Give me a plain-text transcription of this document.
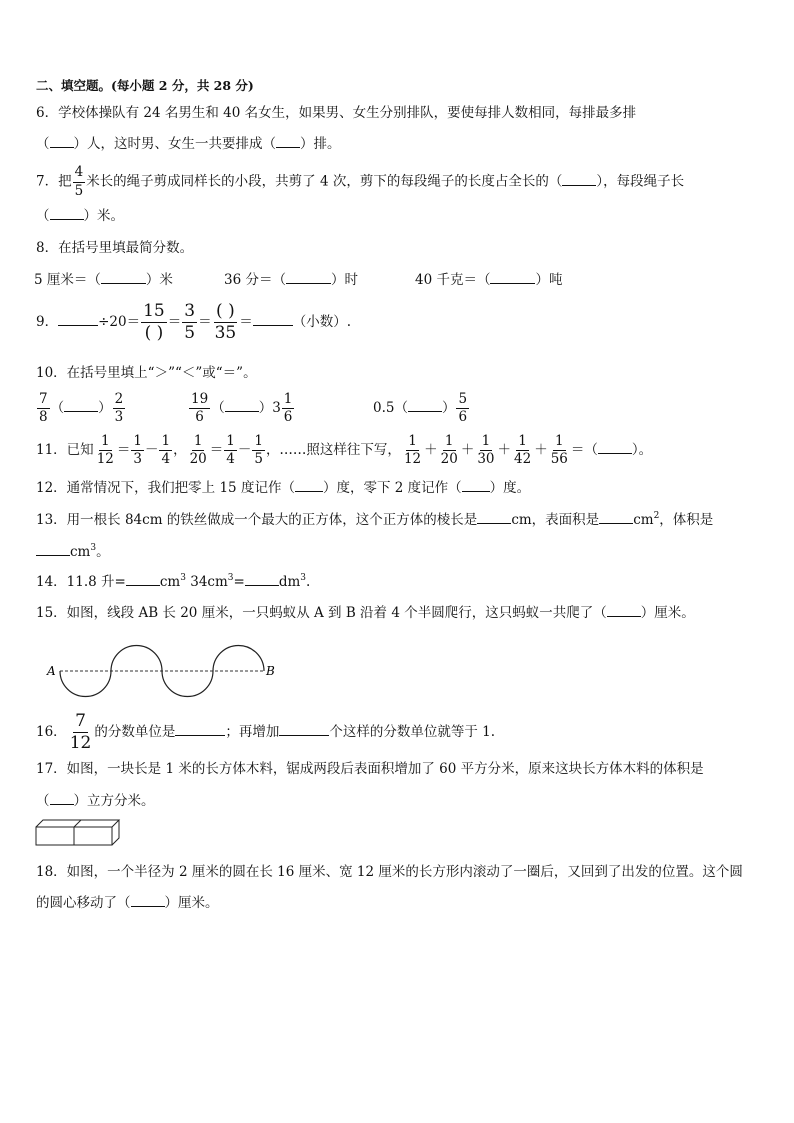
二、填空题。(每小题 2 分，共 28 分)
6．学校体操队有 24 名男生和 40 名女生，如果男、女生分别排队，要使每排人数相同，每排最多排
（ ）人，这时男、女生一共要排成（ ）排。
7．把 $\frac{4}{5}$ 米长的绳子剪成同样长的小段，共剪了 4 次，剪下的每段绳子的长度占全长的（	），每段绳子长
（	）米。
8．在括号里填最简分数。
5 厘米＝（	）米	36 分＝（	）时	40 千克＝（	）吨
9．	÷20＝
15
( )
＝ $\frac{3}{5}$ ＝
( )
35
＝	（小数）.
10．在括号里填上“＞”“＜”或“＝”。
$\frac{7}{8}$ （	） $\frac{2}{3}$	$\frac{19}{6}$ （	）$3 \frac{1}{6}$	0.5（	） $\frac{5}{6}$
11．已知 $\frac{1}{12} = \frac{1}{3} - \frac{1}{4}$ ， $\frac{1}{20} = \frac{1}{4} - \frac{1}{5}$ ，……照这样往下写， $\frac{1}{12} + \frac{1}{20} + \frac{1}{30} + \frac{1}{42} + \frac{1}{56}$ ＝（	）。
12．通常情况下，我们把零上 15 度记作（ ）度，零下 2 度记作（ ）度。
13．用一根长 84cm 的铁丝做成一个最大的正方体，这个正方体的棱长是	cm，表面积是	$cm^2$，体积是
$cm^3$。
14．11.8 升=	$cm^3$ $34cm^3=$	$dm^3$.
15．如图，线段 AB 长 20 厘米，一只蚂蚁从 A 到 B 沿着 4 个半圆爬行，这只蚂蚁一共爬了（	）厘米。
A	B
16． $\frac{7}{12}$ 的分数单位是	；再增加	个这样的分数单位就等于 1.
17．如图，一块长是 1 米的长方体木料，锯成两段后表面积增加了 60 平方分米，原来这块长方体木料的体积是
（ ）立方分米。
18．如图，一个半径为 2 厘米的圆在长 16 厘米、宽 12 厘米的长方形内滚动了一圈后，又回到了出发的位置。这个圆
的圆心移动了（	）厘米。
